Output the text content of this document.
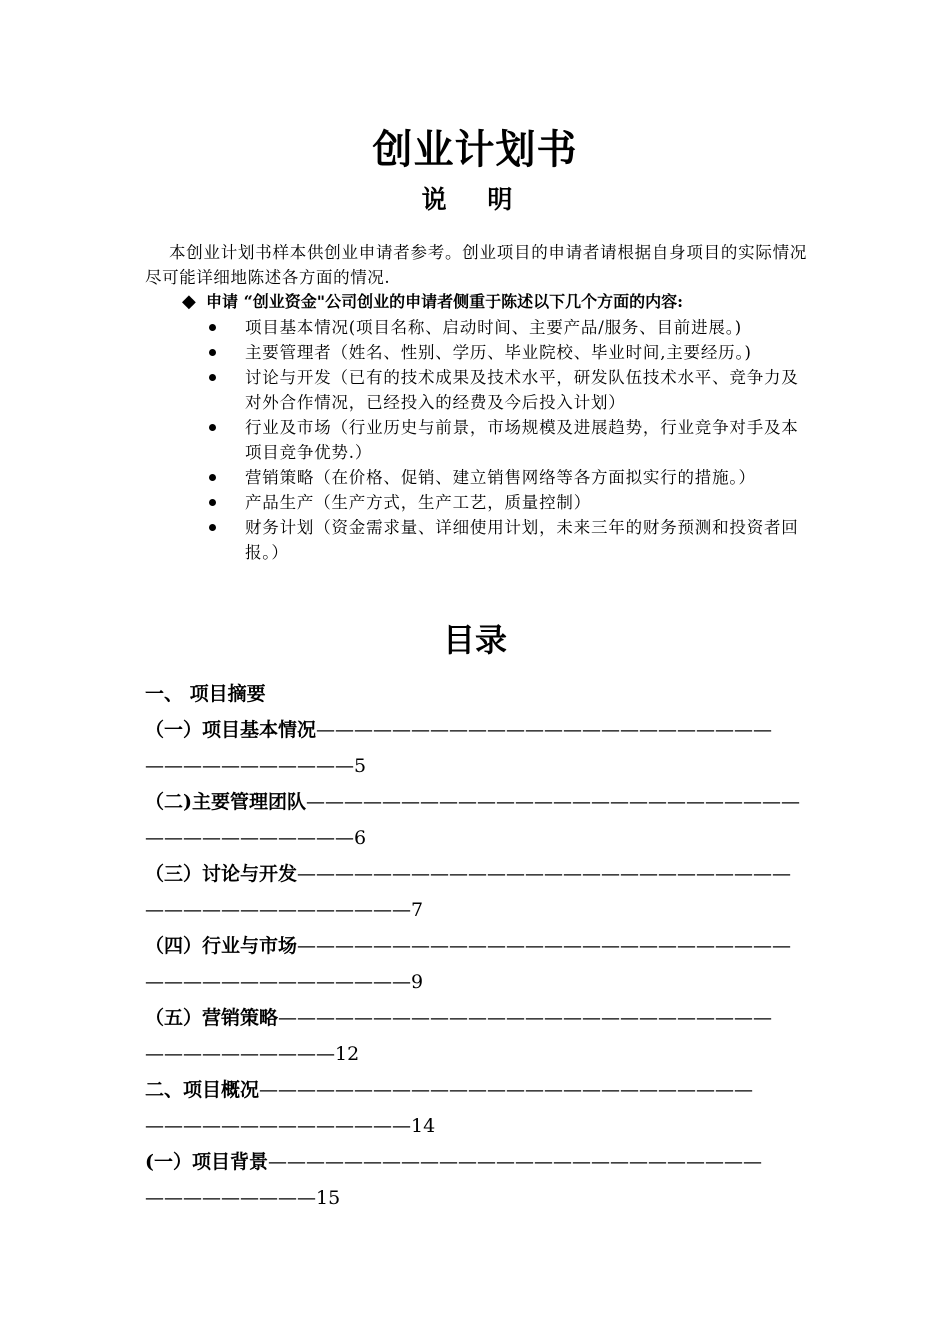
创业计划书
说 明
本创业计划书样本供创业申请者参考。创业项目的申请者请根据自身项目的实际情况尽可能详细地陈述各方面的情况.
◆ 申请 “创业资金"公司创业的申请者侧重于陈述以下几个方面的内容:
项目基本情况(项目名称、启动时间、主要产品/服务、目前进展。)
主要管理者（姓名、性别、学历、毕业院校、毕业时间,主要经历。)
讨论与开发（已有的技术成果及技术水平，研发队伍技术水平、竞争力及对外合作情况，已经投入的经费及今后投入计划）
行业及市场（行业历史与前景，市场规模及进展趋势，行业竞争对手及本项目竞争优势.）
营销策略（在价格、促销、建立销售网络等各方面拟实行的措施。）
产品生产（生产方式，生产工艺，质量控制）
财务计划（资金需求量、详细使用计划，未来三年的财务预测和投资者回报。）
目录
一、 项目摘要
（一）项目基本情况————————————————————————
———————————5
（二)主要管理团队——————————————————————————
———————————6
（三）讨论与开发——————————————————————————
——————————————7
（四）行业与市场——————————————————————————
——————————————9
（五）营销策略——————————————————————————
——————————12
二、项目概况——————————————————————————
——————————————14
(一）项目背景——————————————————————————
—————————15
